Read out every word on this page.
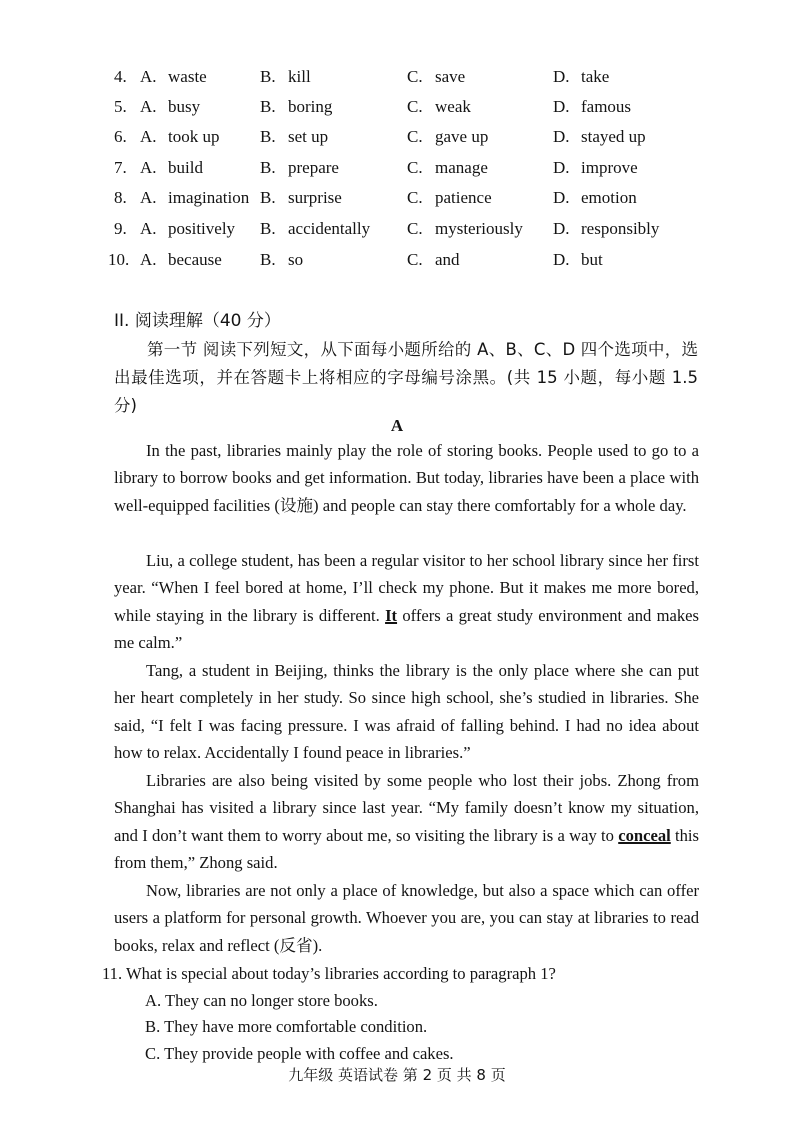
4. A. waste	B. kill	C. save	D. take
5. A. busy	B. boring	C. weak	D. famous
6. A. took up B. set up	C. gave up	D. stayed up
7. A. build	B. prepare	C. manage	D. improve
8. A. imagination B. surprise	C. patience	D. emotion
9. A. positively B. accidentally C. mysteriously D. responsibly
10. A. because B. so	C. and	D. but
II. 阅读理解（40 分）
第一节 阅读下列短文，从下面每小题所给的 A、B、C、D 四个选项中，选出最佳选项，并在答题卡上将相应的字母编号涂黑。(共 15 小题，每小题 1.5 分)
A
In the past, libraries mainly play the role of storing books. People used to go to a library to borrow books and get information. But today, libraries have been a place with well-equipped facilities (设施) and people can stay there comfortably for a whole day.
Liu, a college student, has been a regular visitor to her school library since her first year. “When I feel bored at home, I’ll check my phone. But it makes me more bored, while staying in the library is different. It offers a great study environment and makes me calm.”
Tang, a student in Beijing, thinks the library is the only place where she can put her heart completely in her study. So since high school, she’s studied in libraries. She said, “I felt I was facing pressure. I was afraid of falling behind. I had no idea about how to relax. Accidentally I found peace in libraries.”
Libraries are also being visited by some people who lost their jobs. Zhong from Shanghai has visited a library since last year. “My family doesn’t know my situation, and I don’t want them to worry about me, so visiting the library is a way to conceal this from them,” Zhong said.
Now, libraries are not only a place of knowledge, but also a space which can offer users a platform for personal growth. Whoever you are, you can stay at libraries to read books, relax and reflect (反省).
11. What is special about today’s libraries according to paragraph 1?
A. They can no longer store books.
B. They have more comfortable condition.
C. They provide people with coffee and cakes.
九年级 英语试卷 第 2 页 共 8 页
